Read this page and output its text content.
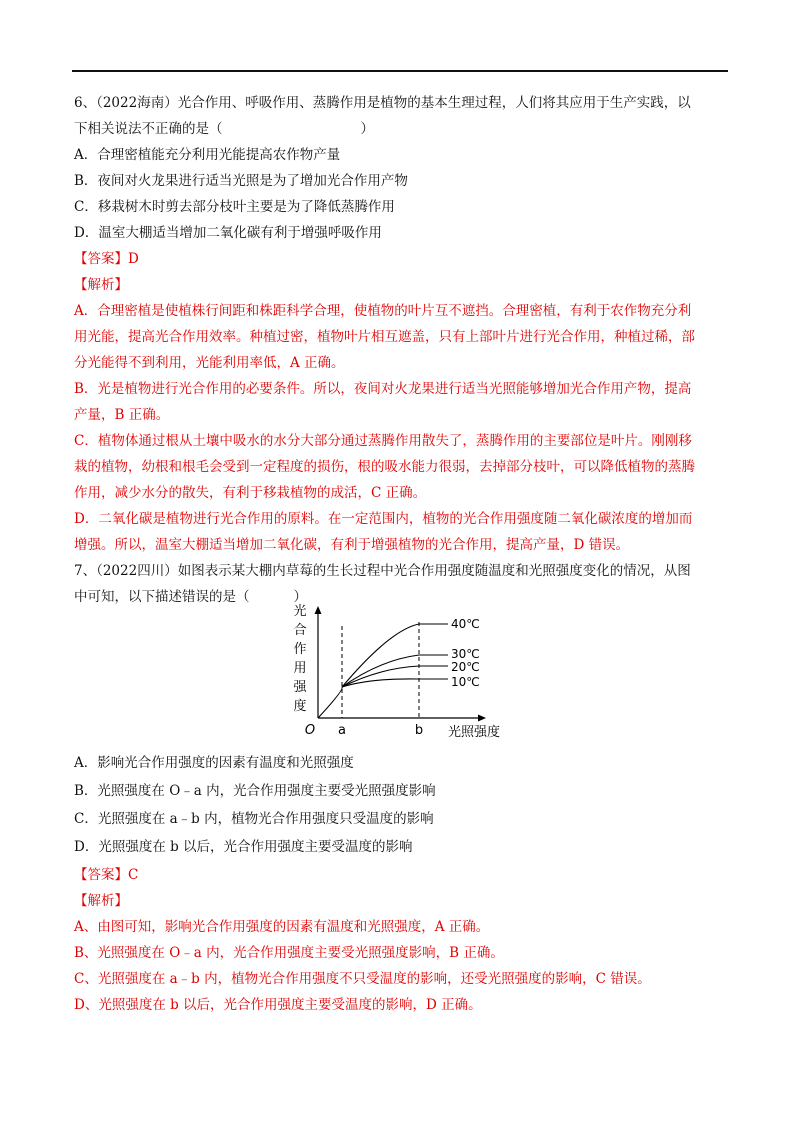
6、（2022海南）光合作用、呼吸作用、蒸腾作用是植物的基本生理过程，人们将其应用于生产实践，以
下相关说法不正确的是（	）
A．合理密植能充分利用光能提高农作物产量
B．夜间对火龙果进行适当光照是为了增加光合作用产物
C．移栽树木时剪去部分枝叶主要是为了降低蒸腾作用
D．温室大棚适当增加二氧化碳有利于增强呼吸作用
【答案】D
【解析】
A．合理密植是使植株行间距和株距科学合理，使植物的叶片互不遮挡。合理密植，有利于农作物充分利
用光能，提高光合作用效率。种植过密，植物叶片相互遮盖，只有上部叶片进行光合作用，种植过稀，部
分光能得不到利用，光能利用率低，A 正确。
B．光是植物进行光合作用的必要条件。所以，夜间对火龙果进行适当光照能够增加光合作用产物，提高
产量，B 正确。
C．植物体通过根从土壤中吸水的水分大部分通过蒸腾作用散失了，蒸腾作用的主要部位是叶片。刚刚移
栽的植物，幼根和根毛会受到一定程度的损伤，根的吸水能力很弱，去掉部分枝叶，可以降低植物的蒸腾
作用，减少水分的散失，有利于移栽植物的成活，C 正确。
D．二氧化碳是植物进行光合作用的原料。在一定范围内，植物的光合作用强度随二氧化碳浓度的增加而
增强。所以，温室大棚适当增加二氧化碳，有利于增强植物的光合作用，提高产量，D 错误。
7、（2022四川）如图表示某大棚内草莓的生长过程中光合作用强度随温度和光照强度变化的情况，从图
中可知，以下描述错误的是（	）
光
合
作
用
强
度
O a	b 光照强度
40℃
30℃
20℃
10℃
A．影响光合作用强度的因素有温度和光照强度
B．光照强度在 O﹣a 内，光合作用强度主要受光照强度影响
C．光照强度在 a﹣b 内，植物光合作用强度只受温度的影响
D．光照强度在 b 以后，光合作用强度主要受温度的影响
【答案】C
【解析】
A、由图可知，影响光合作用强度的因素有温度和光照强度，A 正确。
B、光照强度在 O﹣a 内，光合作用强度主要受光照强度影响，B 正确。
C、光照强度在 a﹣b 内，植物光合作用强度不只受温度的影响，还受光照强度的影响，C 错误。
D、光照强度在 b 以后，光合作用强度主要受温度的影响，D 正确。
